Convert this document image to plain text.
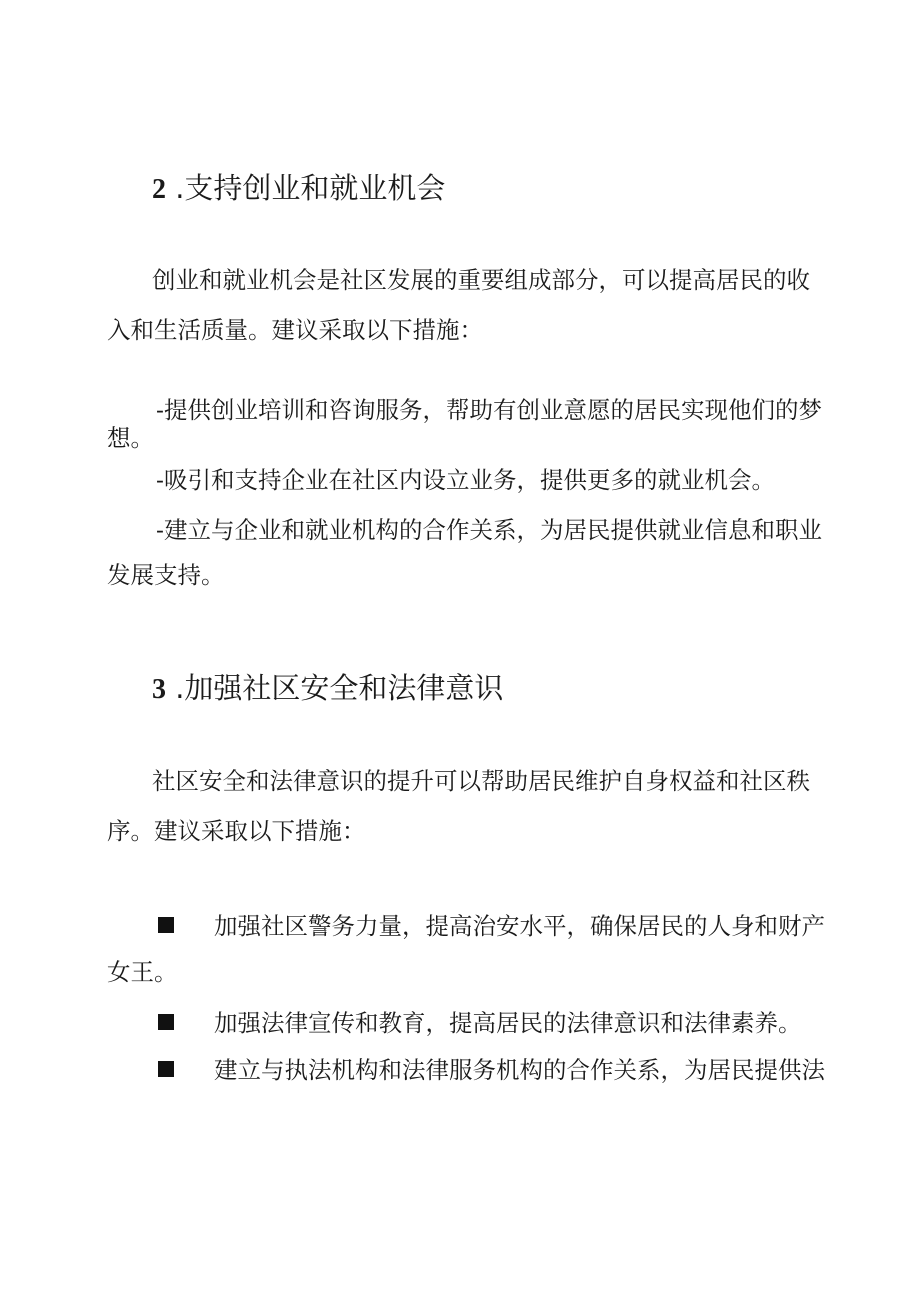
2 .支持创业和就业机会
创业和就业机会是社区发展的重要组成部分，可以提高居民的收
入和生活质量。建议采取以下措施：
-提供创业培训和咨询服务，帮助有创业意愿的居民实现他们的梦
想。
-吸引和支持企业在社区内设立业务，提供更多的就业机会。
-建立与企业和就业机构的合作关系，为居民提供就业信息和职业
发展支持。
3 .加强社区安全和法律意识
社区安全和法律意识的提升可以帮助居民维护自身权益和社区秩
序。建议采取以下措施：
加强社区警务力量，提高治安水平，确保居民的人身和财产
女王。
加强法律宣传和教育，提高居民的法律意识和法律素养。
建立与执法机构和法律服务机构的合作关系，为居民提供法
